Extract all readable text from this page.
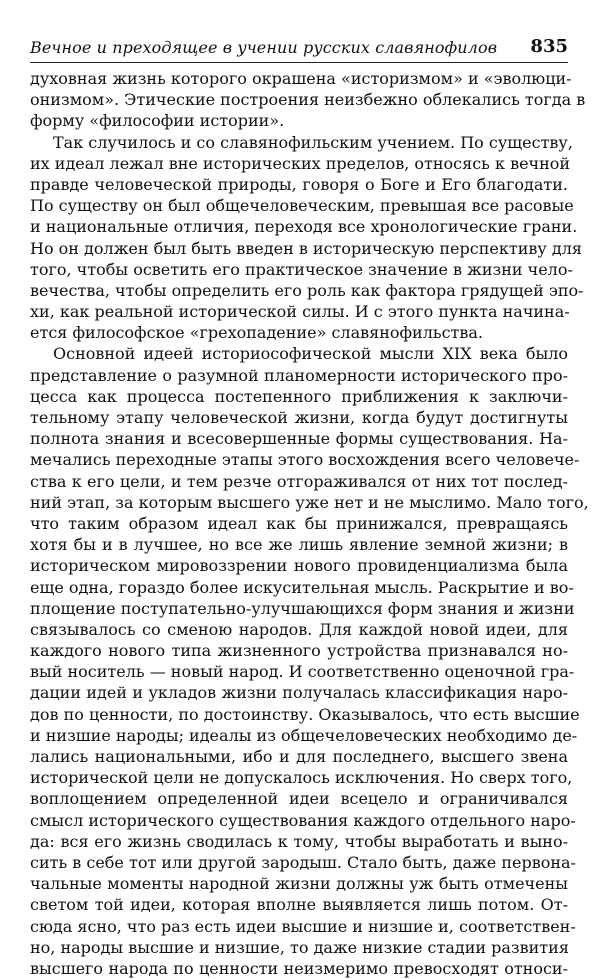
Вечное и преходящее в учении русских славянофилов 835
духовная жизнь которого окрашена «историзмом» и «эволюци-
онизмом». Этические построения неизбежно облекались тогда в
форму «философии истории».
Так случилось и со славянофильским учением. По существу,
их идеал лежал вне исторических пределов, относясь к вечной
правде человеческой природы, говоря о Боге и Его благодати.
По существу он был общечеловеческим, превышая все расовые
и национальные отличия, переходя все хронологические грани.
Но он должен был быть введен в историческую перспективу для
того, чтобы осветить его практическое значение в жизни чело-
вечества, чтобы определить его роль как фактора грядущей эпо-
хи, как реальной исторической силы. И с этого пункта начина-
ется философское «грехопадение» славянофильства.
Основной идеей историософической мысли XIX века было
представление о разумной планомерности исторического про-
цесса как процесса постепенного приближения к заключи-
тельному этапу человеческой жизни, когда будут достигнуты
полнота знания и всесовершенные формы существования. На-
мечались переходные этапы этого восхождения всего человече-
ства к его цели, и тем резче отгораживался от них тот послед-
ний этап, за которым высшего уже нет и не мыслимо. Мало того,
что таким образом идеал как бы принижался, превращаясь
хотя бы и в лучшее, но все же лишь явление земной жизни; в
историческом мировоззрении нового провиденциализма была
еще одна, гораздо более искусительная мысль. Раскрытие и во-
площение поступательно-улучшающихся форм знания и жизни
связывалось со сменою народов. Для каждой новой идеи, для
каждого нового типа жизненного устройства признавался но-
вый носитель — новый народ. И соответственно оценочной гра-
дации идей и укладов жизни получалась классификация наро-
дов по ценности, по достоинству. Оказывалось, что есть высшие
и низшие народы; идеалы из общечеловеческих необходимо де-
лались национальными, ибо и для последнего, высшего звена
исторической цели не допускалось исключения. Но сверх того,
воплощением определенной идеи всецело и ограничивался
смысл исторического существования каждого отдельного наро-
да: вся его жизнь сводилась к тому, чтобы выработать и выно-
сить в себе тот или другой зародыш. Стало быть, даже первона-
чальные моменты народной жизни должны уж быть отмечены
светом той идеи, которая вполне выявляется лишь потом. От-
сюда ясно, что раз есть идеи высшие и низшие и, соответствен-
но, народы высшие и низшие, то даже низкие стадии развития
высшего народа по ценности неизмеримо превосходят относи-
